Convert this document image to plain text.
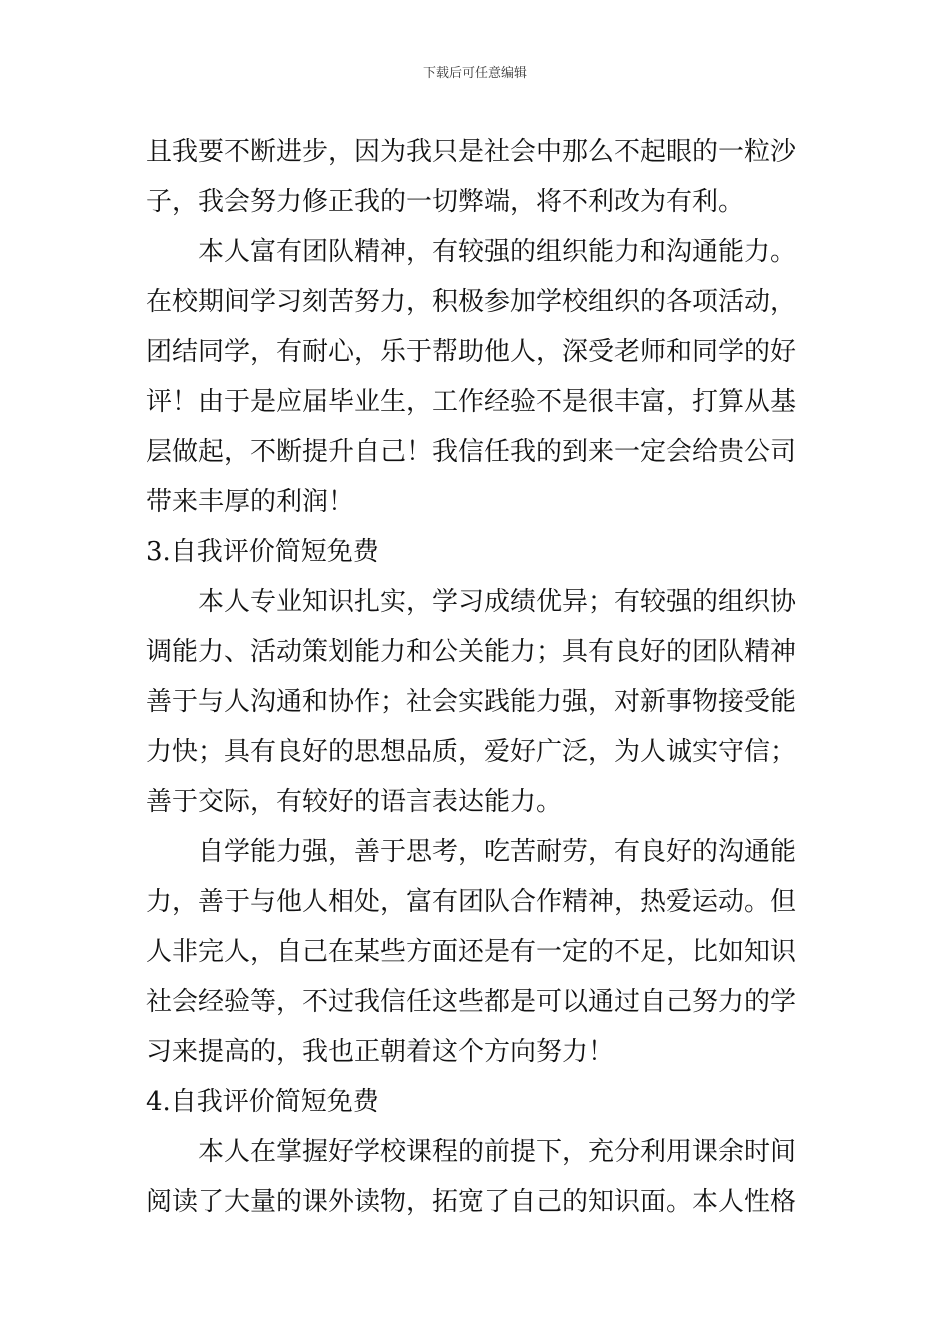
下载后可任意编辑
且我要不断进步，因为我只是社会中那么不起眼的一粒沙
子，我会努力修正我的一切弊端，将不利改为有利。
本人富有团队精神，有较强的组织能力和沟通能力。
在校期间学习刻苦努力，积极参加学校组织的各项活动，
团结同学，有耐心，乐于帮助他人，深受老师和同学的好
评！由于是应届毕业生，工作经验不是很丰富，打算从基
层做起，不断提升自己！我信任我的到来一定会给贵公司
带来丰厚的利润！
3.自我评价简短免费
本人专业知识扎实，学习成绩优异；有较强的组织协
调能力、活动策划能力和公关能力；具有良好的团队精神
善于与人沟通和协作；社会实践能力强，对新事物接受能
力快；具有良好的思想品质，爱好广泛，为人诚实守信；
善于交际，有较好的语言表达能力。
自学能力强，善于思考，吃苦耐劳，有良好的沟通能
力，善于与他人相处，富有团队合作精神，热爱运动。但
人非完人，自己在某些方面还是有一定的不足，比如知识
社会经验等，不过我信任这些都是可以通过自己努力的学
习来提高的，我也正朝着这个方向努力！
4.自我评价简短免费
本人在掌握好学校课程的前提下，充分利用课余时间
阅读了大量的课外读物，拓宽了自己的知识面。本人性格
